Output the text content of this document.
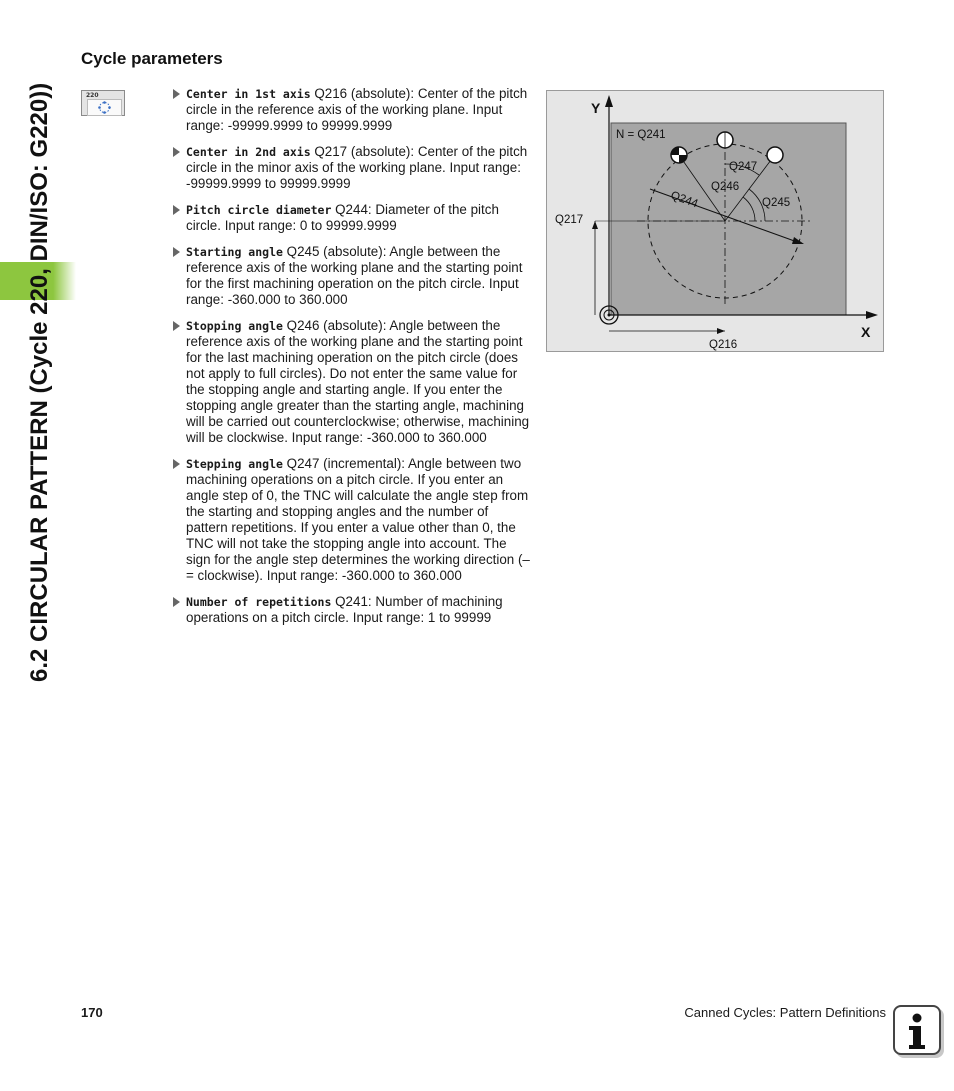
6.2 CIRCULAR PATTERN (Cycle 220, DIN/ISO: G220))
Cycle parameters
220	Center in 1st axis Q216 (absolute): Center of the pitch circle in the reference axis of the working plane. Input range: -99999.9999 to 99999.9999
Center in 2nd axis Q217 (absolute): Center of the pitch circle in the minor axis of the working plane. Input range: -99999.9999 to 99999.9999
Pitch circle diameter Q244: Diameter of the pitch circle. Input range: 0 to 99999.9999
Starting angle Q245 (absolute): Angle between the reference axis of the working plane and the starting point for the first machining operation on the pitch circle. Input range: -360.000 to 360.000
Stopping angle Q246 (absolute): Angle between the reference axis of the working plane and the starting point for the last machining operation on the pitch circle (does not apply to full circles). Do not enter the same value for the stopping angle and starting angle. If you enter the stopping angle greater than the starting angle, machining will be carried out counterclockwise; otherwise, machining will be clockwise. Input range: -360.000 to 360.000
Stepping angle Q247 (incremental): Angle between two machining operations on a pitch circle. If you enter an angle step of 0, the TNC will calculate the angle step from the starting and stopping angles and the number of pattern repetitions. If you enter a value other than 0, the TNC will not take the stopping angle into account. The sign for the angle step determines the working direction (– = clockwise). Input range: -360.000 to 360.000
Number of repetitions Q241: Number of machining operations on a pitch circle. Input range: 1 to 99999
Y
X
N = Q241
Q247
Q246
Q244	Q245
Q217
Q216
170	Canned Cycles: Pattern Definitions
